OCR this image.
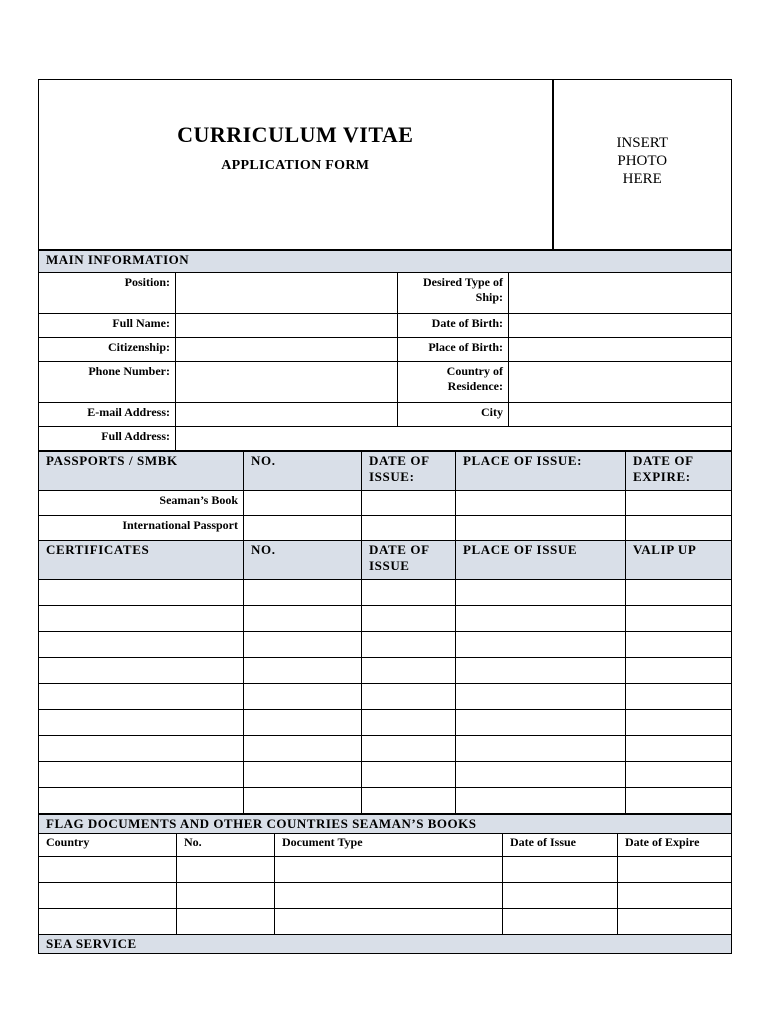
CURRICULUM VITAE
APPLICATION FORM

INSERT
PHOTO
HERE
MAIN INFORMATION			
Position:		Desired Type of Ship:	
Full Name:		Date of Birth:	
Citizenship:		Place of Birth:	
Phone Number:		Country of Residence:	
E-mail Address:		City	
Full Address:			
PASSPORTS / SMBK	NO.	DATE OF ISSUE:	PLACE OF ISSUE:	DATE OF EXPIRE:
Seaman’s Book				
International Passport				
CERTIFICATES	NO.	DATE OF ISSUE	PLACE OF ISSUE	VALIP UP

FLAG DOCUMENTS AND OTHER COUNTRIES SEAMAN’S BOOKS				
Country	No.	Document Type	Date of Issue	Date of Expire

SEA SERVICE				
